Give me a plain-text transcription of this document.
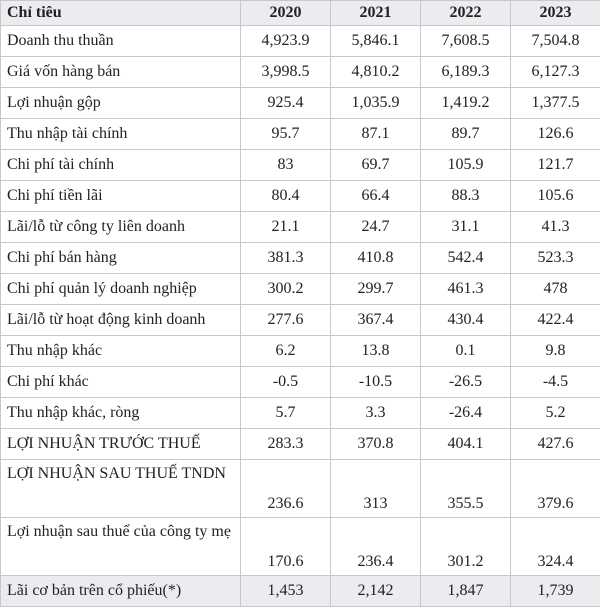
Chỉ tiêu	2020	2021	2022	2023
Doanh thu thuần	4,923.9	5,846.1	7,608.5	7,504.8
Giá vốn hàng bán	3,998.5	4,810.2	6,189.3	6,127.3
Lợi nhuận gộp	925.4	1,035.9	1,419.2	1,377.5
Thu nhập tài chính	95.7	87.1	89.7	126.6
Chi phí tài chính	83	69.7	105.9	121.7
Chi phí tiền lãi	80.4	66.4	88.3	105.6
Lãi/lỗ từ công ty liên doanh	21.1	24.7	31.1	41.3
Chi phí bán hàng	381.3	410.8	542.4	523.3
Chi phí quản lý doanh nghiệp	300.2	299.7	461.3	478
Lãi/lỗ từ hoạt động kinh doanh	277.6	367.4	430.4	422.4
Thu nhập khác	6.2	13.8	0.1	9.8
Chi phí khác	-0.5	-10.5	-26.5	-4.5
Thu nhập khác, ròng	5.7	3.3	-26.4	5.2
LỢI NHUẬN TRƯỚC THUẾ	283.3	370.8	404.1	427.6
LỢI NHUẬN SAU THUẾ TNDN	236.6	313	355.5	379.6
Lợi nhuận sau thuế của công ty mẹ	170.6	236.4	301.2	324.4
Lãi cơ bản trên cổ phiếu(*)	1,453	2,142	1,847	1,739
